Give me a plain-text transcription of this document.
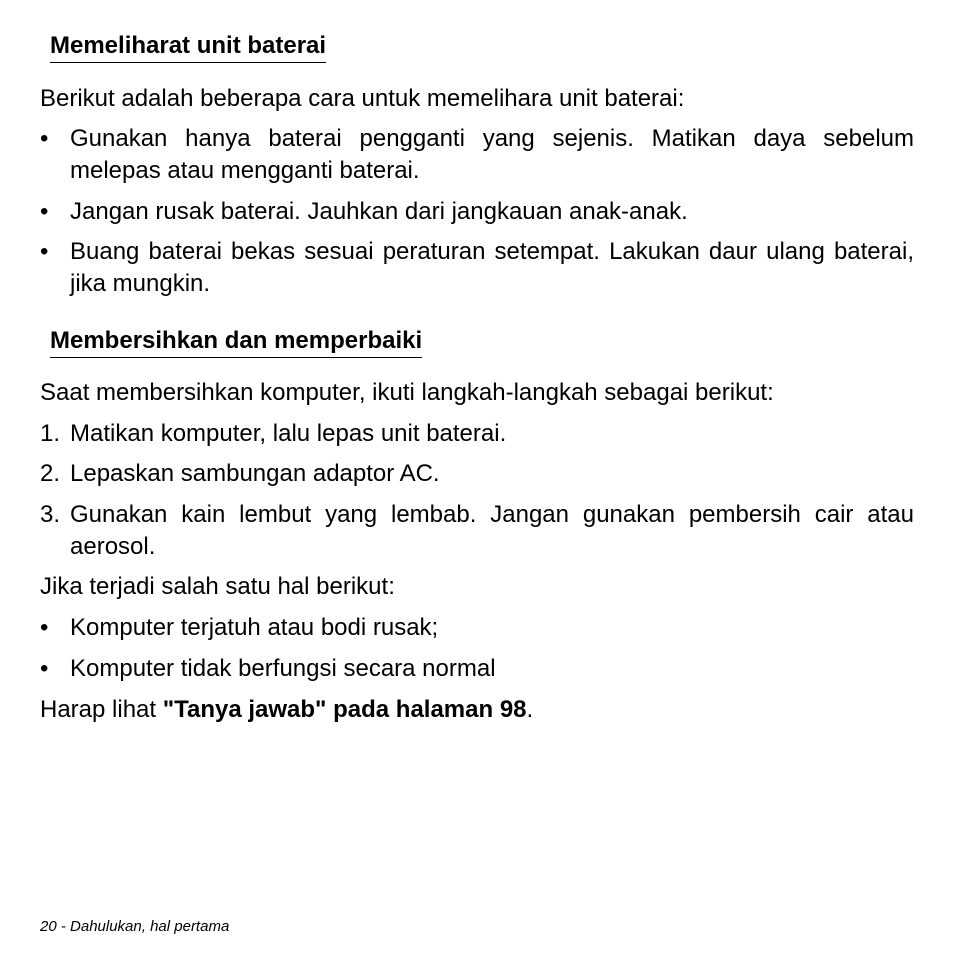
Memeliharat unit baterai

Berikut adalah beberapa cara untuk memelihara unit baterai:

• Gunakan hanya baterai pengganti yang sejenis. Matikan daya sebelum melepas atau mengganti baterai.
• Jangan rusak baterai. Jauhkan dari jangkauan anak-anak.
• Buang baterai bekas sesuai peraturan setempat. Lakukan daur ulang baterai, jika mungkin.
Membersihkan dan memperbaiki

Saat membersihkan komputer, ikuti langkah-langkah sebagai berikut:

1. Matikan komputer, lalu lepas unit baterai.
2. Lepaskan sambungan adaptor AC.
3. Gunakan kain lembut yang lembab. Jangan gunakan pembersih cair atau aerosol.

Jika terjadi salah satu hal berikut:

• Komputer terjatuh atau bodi rusak;
• Komputer tidak berfungsi secara normal

Harap lihat "Tanya jawab" pada halaman 98.

20 - Dahulukan, hal pertama
